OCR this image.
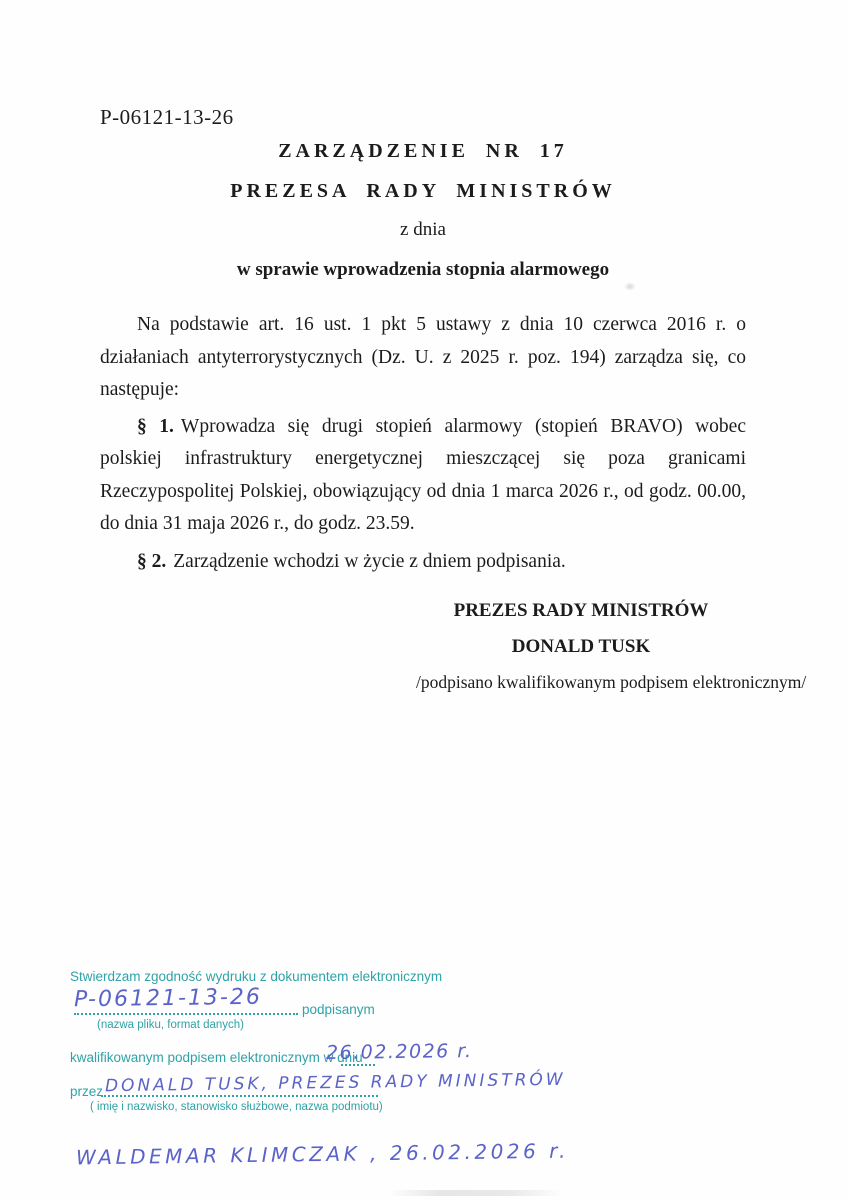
P-06121-13-26
ZARZĄDZENIE NR 17
PREZESA RADY MINISTRÓW
z dnia
w sprawie wprowadzenia stopnia alarmowego

Na podstawie art. 16 ust. 1 pkt 5 ustawy z dnia 10 czerwca 2016 r. o działaniach antyterrorystycznych (Dz. U. z 2025 r. poz. 194) zarządza się, co następuje:

§ 1. Wprowadza się drugi stopień alarmowy (stopień BRAVO) wobec polskiej infrastruktury energetycznej mieszczącej się poza granicami Rzeczypospolitej Polskiej, obowiązujący od dnia 1 marca 2026 r., od godz. 00.00, do dnia 31 maja 2026 r., do godz. 23.59.

§ 2. Zarządzenie wchodzi w życie z dniem podpisania.

PREZES RADY MINISTRÓW
DONALD TUSK
/podpisano kwalifikowanym podpisem elektronicznym/
Stwierdzam zgodność wydruku z dokumentem elektronicznym
P-06121-13-26	podpisanym
(nazwa pliku, format danych)
kwalifikowanym podpisem elektronicznym w dniu
26.02.2026 r.
przez DONALD TUSK, PREZES RADY MINISTRÓW
( imię i nazwisko, stanowisko służbowe, nazwa podmiotu)
WALDEMAR KLIMCZAK , 26.02.2026 r.
